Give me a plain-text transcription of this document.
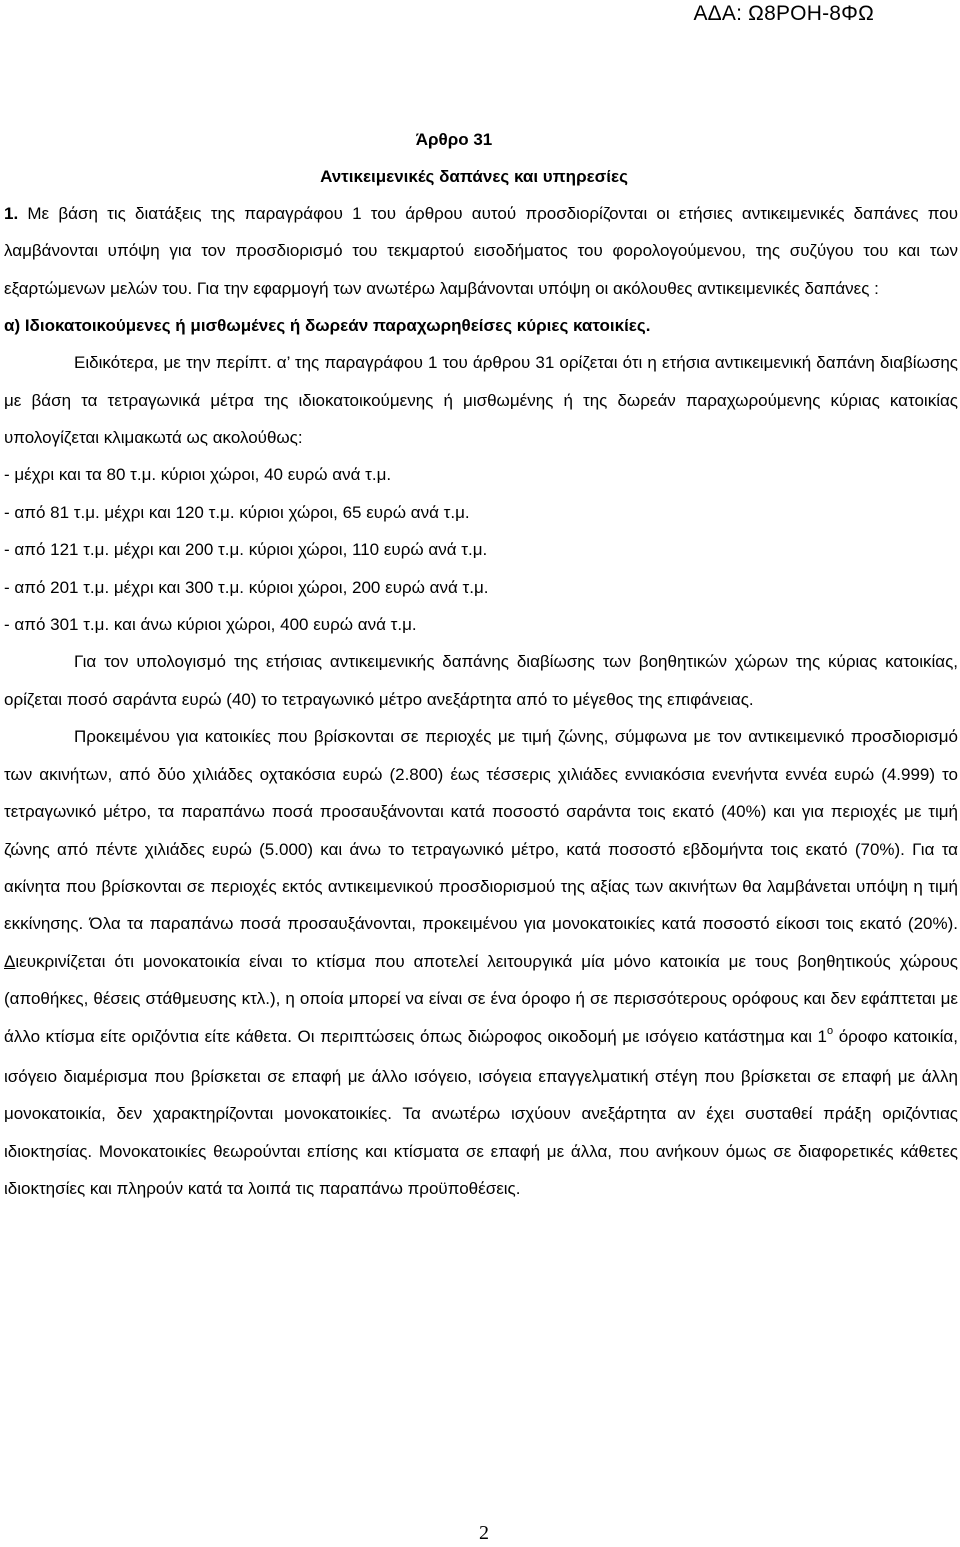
ΑΔΑ: Ω8ΡΟΗ-8ΦΩ
Άρθρο 31
Αντικειμενικές δαπάνες και υπηρεσίες

1. Με βάση τις διατάξεις της παραγράφου 1 του άρθρου αυτού προσδιορίζονται οι ετήσιες αντικειμενικές δαπάνες που λαμβάνονται υπόψη για τον προσδιορισμό του τεκμαρτού εισοδήματος του φορολογούμενου, της συζύγου του και των εξαρτώμενων μελών του. Για την εφαρμογή των ανωτέρω λαμβάνονται υπόψη οι ακόλουθες αντικειμενικές δαπάνες :

α) Ιδιοκατοικούμενες ή μισθωμένες ή δωρεάν παραχωρηθείσες κύριες κατοικίες.

Ειδικότερα, με την περίπτ. α’ της παραγράφου 1 του άρθρου 31 ορίζεται ότι η ετήσια αντικειμενική δαπάνη διαβίωσης με βάση τα τετραγωνικά μέτρα της ιδιοκατοικούμενης ή μισθωμένης ή της δωρεάν παραχωρούμενης κύριας κατοικίας υπολογίζεται κλιμακωτά ως ακολούθως:

- μέχρι και τα 80 τ.μ. κύριοι χώροι, 40 ευρώ ανά τ.μ.
- από 81 τ.μ. μέχρι και 120 τ.μ. κύριοι χώροι, 65 ευρώ ανά τ.μ.
- από 121 τ.μ. μέχρι και 200 τ.μ. κύριοι χώροι, 110 ευρώ ανά τ.μ.
- από 201 τ.μ. μέχρι και 300 τ.μ. κύριοι χώροι, 200 ευρώ ανά τ.μ.
- από 301 τ.μ. και άνω κύριοι χώροι, 400 ευρώ ανά τ.μ.

Για τον υπολογισμό της ετήσιας αντικειμενικής δαπάνης διαβίωσης των βοηθητικών χώρων της κύριας κατοικίας, ορίζεται ποσό σαράντα ευρώ (40) το τετραγωνικό μέτρο ανεξάρτητα από το μέγεθος της επιφάνειας.

Προκειμένου για κατοικίες που βρίσκονται σε περιοχές με τιμή ζώνης, σύμφωνα με τον αντικειμενικό προσδιορισμό των ακινήτων, από δύο χιλιάδες οχτακόσια ευρώ (2.800) έως τέσσερις χιλιάδες εννιακόσια ενενήντα εννέα ευρώ (4.999) το τετραγωνικό μέτρο, τα παραπάνω ποσά προσαυξάνονται κατά ποσοστό σαράντα τοις εκατό (40%) και για περιοχές με τιμή ζώνης από πέντε χιλιάδες ευρώ (5.000) και άνω το τετραγωνικό μέτρο, κατά ποσοστό εβδομήντα τοις εκατό (70%). Για τα ακίνητα που βρίσκονται σε περιοχές εκτός αντικειμενικού προσδιορισμού της αξίας των ακινήτων θα λαμβάνεται υπόψη η τιμή εκκίνησης. Όλα τα παραπάνω ποσά προσαυξάνονται, προκειμένου για μονοκατοικίες κατά ποσοστό είκοσι τοις εκατό (20%). Διευκρινίζεται ότι μονοκατοικία είναι το κτίσμα που αποτελεί λειτουργικά μία μόνο κατοικία με τους βοηθητικούς χώρους (αποθήκες, θέσεις στάθμευσης κτλ.), η οποία μπορεί να είναι σε ένα όροφο ή σε περισσότερους ορόφους και δεν εφάπτεται με άλλο κτίσμα είτε οριζόντια είτε κάθετα. Οι περιπτώσεις όπως διώροφος οικοδομή με ισόγειο κατάστημα και $1^o$ όροφο κατοικία, ισόγειο διαμέρισμα που βρίσκεται σε επαφή με άλλο ισόγειο, ισόγεια επαγγελματική στέγη που βρίσκεται σε επαφή με άλλη μονοκατοικία, δεν χαρακτηρίζονται μονοκατοικίες. Τα ανωτέρω ισχύουν ανεξάρτητα αν έχει συσταθεί πράξη οριζόντιας ιδιοκτησίας. Μονοκατοικίες θεωρούνται επίσης και κτίσματα σε επαφή με άλλα, που ανήκουν όμως σε διαφορετικές κάθετες ιδιοκτησίες και πληρούν κατά τα λοιπά τις παραπάνω προϋποθέσεις.

2
